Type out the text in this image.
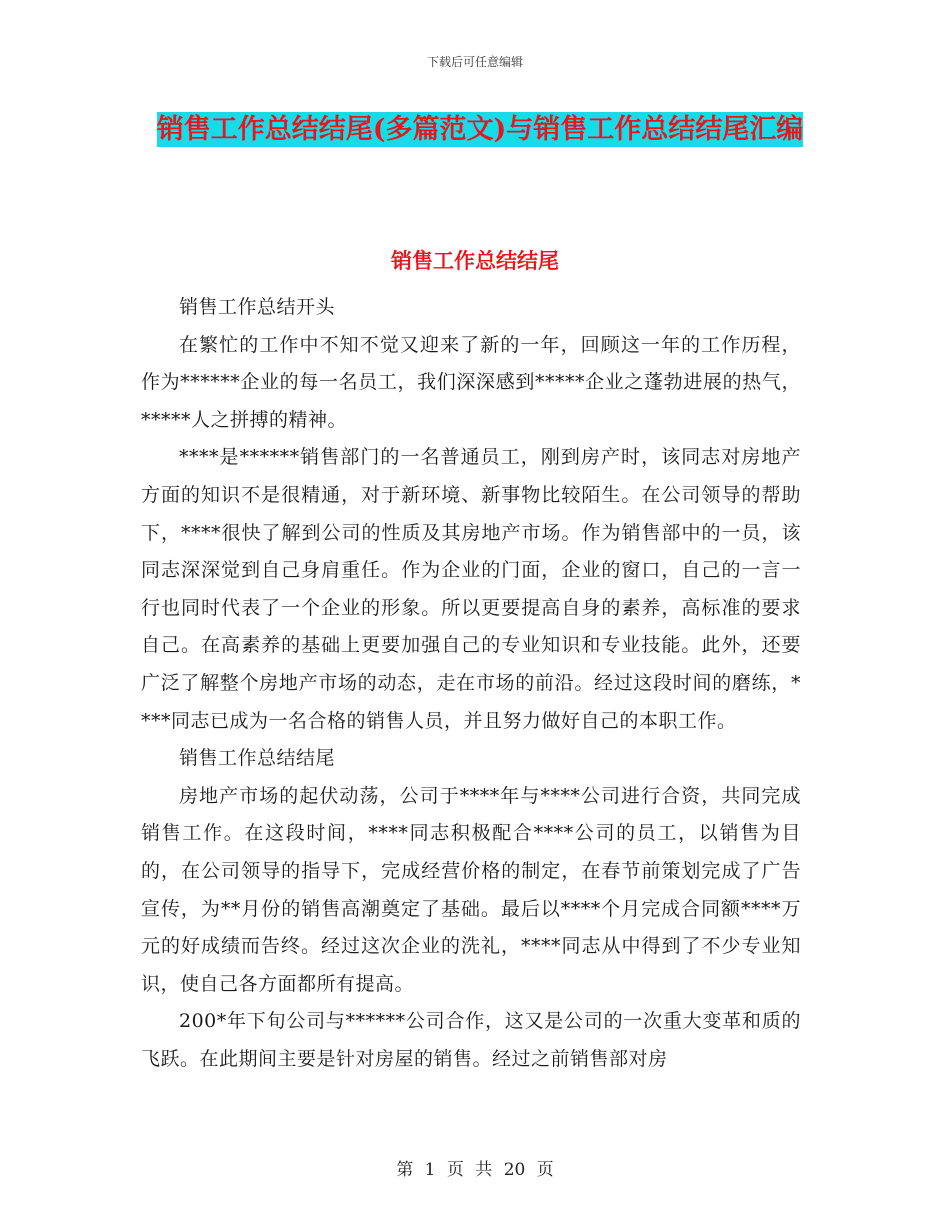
下载后可任意编辑
销售工作总结结尾(多篇范文)与销售工作总结结尾汇编
销售工作总结结尾

销售工作总结开头

在繁忙的工作中不知不觉又迎来了新的一年，回顾这一年的工作历程，作为******企业的每一名员工，我们深深感到*****企业之蓬勃进展的热气，*****人之拼搏的精神。

****是******销售部门的一名普通员工，刚到房产时，该同志对房地产方面的知识不是很精通，对于新环境、新事物比较陌生。在公司领导的帮助下，****很快了解到公司的性质及其房地产市场。作为销售部中的一员，该同志深深觉到自己身肩重任。作为企业的门面，企业的窗口，自己的一言一行也同时代表了一个企业的形象。所以更要提高自身的素养，高标准的要求自己。在高素养的基础上更要加强自己的专业知识和专业技能。此外，还要广泛了解整个房地产市场的动态，走在市场的前沿。经过这段时间的磨练，****同志已成为一名合格的销售人员，并且努力做好自己的本职工作。

销售工作总结结尾

房地产市场的起伏动荡，公司于****年与****公司进行合资，共同完成销售工作。在这段时间，****同志积极配合****公司的员工，以销售为目的，在公司领导的指导下，完成经营价格的制定，在春节前策划完成了广告宣传，为**月份的销售高潮奠定了基础。最后以****个月完成合同额****万元的好成绩而告终。经过这次企业的洗礼，****同志从中得到了不少专业知识，使自己各方面都所有提高。

200*年下旬公司与******公司合作，这又是公司的一次重大变革和质的飞跃。在此期间主要是针对房屋的销售。经过之前销售部对房

第 1 页 共 20 页
